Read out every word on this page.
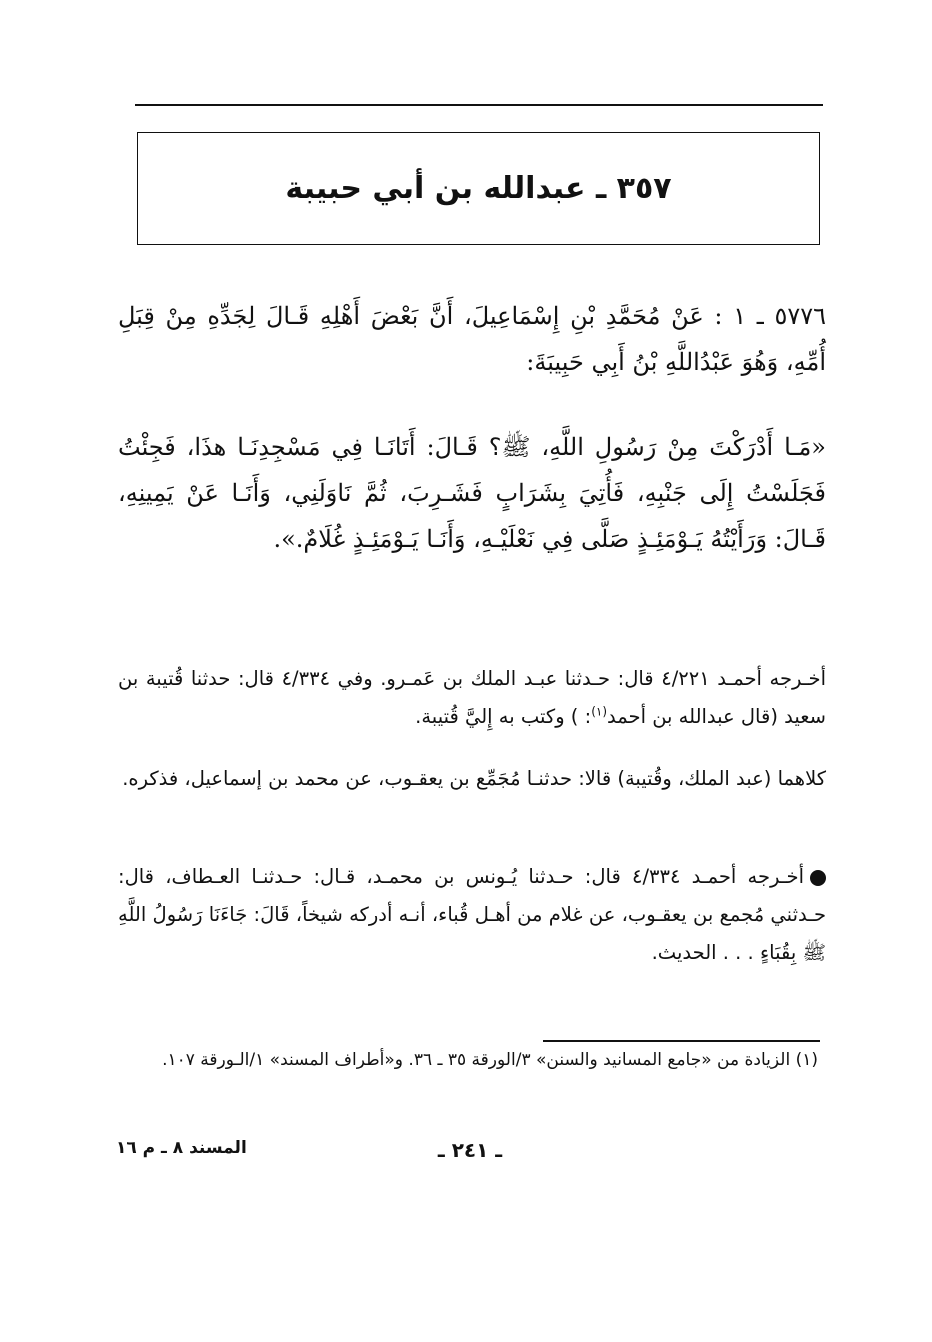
٣٥٧ ـ عبدالله بن أبي حبيبة

٥٧٧٦ ـ ١ : عَنْ مُحَمَّدِ بْنِ إِسْمَاعِيلَ، أَنَّ بَعْضَ أَهْلِهِ قَـالَ لِجَدِّهِ مِنْ قِبَلِ أُمِّهِ، وَهُوَ عَبْدُاللَّهِ بْنُ أَبِي حَبِيبَةَ:

«مَـا أَدْرَكْتَ مِنْ رَسُولِ اللَّهِ، ﷺ؟ قَـالَ: أَتَانَـا فِي مَسْجِدِنَـا هذَا، فَجِئْتُ فَجَلَسْتُ إِلَى جَنْبِهِ، فَأُتِيَ بِشَرَابٍ فَشَـرِبَ، ثُمَّ نَاوَلَنِي، وَأَنَـا عَنْ يَمِينِهِ، قَـالَ: وَرَأَيْتُهُ يَـوْمَئِـذٍ صَلَّى فِي نَعْلَيْـهِ، وَأَنَـا يَـوْمَئِـذٍ غُلَامٌ.».

أخـرجه أحمـد ٤/٢٢١ قال: حـدثنا عبـد الملك بن عَمـرو. وفي ٤/٣٣٤ قال: حدثنا قُتيبة بن سعيد (قال عبدالله بن أحمد$^{(١)}$: ) وكتب به إِليَّ قُتيبة.

كلاهما (عبد الملك، وقُتيبة) قالا: حدثنـا مُجَمِّع بن يعقـوب، عن محمد بن إسماعيل، فذكره.

أخـرجه أحمـد ٤/٣٣٤ قال: حـدثنا يُـونس بن محمـد، قـال: حـدثنـا العـطاف، قال: حـدثني مُجمع بن يعقـوب، عن غلام من أهـل قُباء، أنـه أدركه شيخاً، قَالَ: جَاءَنَا رَسُولُ اللَّهِ ﷺ بِقُبَاءٍ . . . الحديث.

(١) الزيادة من «جامع المسانيد والسنن» ٣/الورقة ٣٥ ـ ٣٦. و«أطراف المسند» ١/الـورقة ١٠٧.

ـ ٢٤١ ـ
المسند ٨ ـ م ١٦
